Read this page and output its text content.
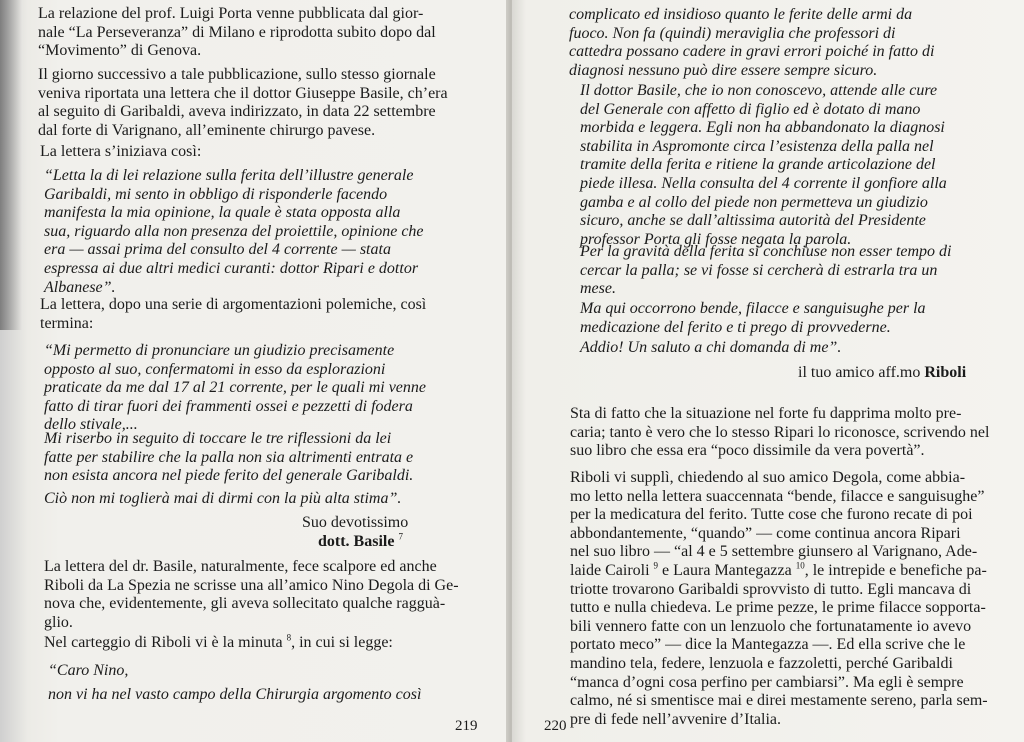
La relazione del prof. Luigi Porta venne pubblicata dal gior-
nale “La Perseveranza” di Milano e riprodotta subito dopo dal
“Movimento” di Genova.
Il giorno successivo a tale pubblicazione, sullo stesso giornale
veniva riportata una lettera che il dottor Giuseppe Basile, ch’era
al seguito di Garibaldi, aveva indirizzato, in data 22 settembre
dal forte di Varignano, all’eminente chirurgo pavese.
La lettera s’iniziava così:
“Letta la di lei relazione sulla ferita dell’illustre generale
Garibaldi, mi sento in obbligo di risponderle facendo
manifesta la mia opinione, la quale è stata opposta alla
sua, riguardo alla non presenza del proiettile, opinione che
era — assai prima del consulto del 4 corrente — stata
espressa ai due altri medici curanti: dottor Ripari e dottor
Albanese”.
La lettera, dopo una serie di argomentazioni polemiche, così
termina:
“Mi permetto di pronunciare un giudizio precisamente
opposto al suo, confermatomi in esso da esplorazioni
praticate da me dal 17 al 21 corrente, per le quali mi venne
fatto di tirar fuori dei frammenti ossei e pezzetti di fodera
dello stivale,...
Mi riserbo in seguito di toccare le tre riflessioni da lei
fatte per stabilire che la palla non sia altrimenti entrata e
non esista ancora nel piede ferito del generale Garibaldi.
Ciò non mi toglierà mai di dirmi con la più alta stima”.
Suo devotissimo
dott. Basile $^7$
La lettera del dr. Basile, naturalmente, fece scalpore ed anche
Riboli da La Spezia ne scrisse una all’amico Nino Degola di Ge-
nova che, evidentemente, gli aveva sollecitato qualche ragguà-
glio.
Nel carteggio di Riboli vi è la minuta $^8$, in cui si legge:
“Caro Nino,
non vi ha nel vasto campo della Chirurgia argomento così
219
complicato ed insidioso quanto le ferite delle armi da
fuoco. Non fa (quindi) meraviglia che professori di
cattedra possano cadere in gravi errori poiché in fatto di
diagnosi nessuno può dire essere sempre sicuro.
Il dottor Basile, che io non conoscevo, attende alle cure
del Generale con affetto di figlio ed è dotato di mano
morbida e leggera. Egli non ha abbandonato la diagnosi
stabilita in Aspromonte circa l’esistenza della palla nel
tramite della ferita e ritiene la grande articolazione del
piede illesa. Nella consulta del 4 corrente il gonfiore alla
gamba e al collo del piede non permetteva un giudizio
sicuro, anche se dall’altissima autorità del Presidente
professor Porta gli fosse negata la parola.
Per la gravità della ferita si conchiuse non esser tempo di
cercar la palla; se vi fosse si cercherà di estrarla tra un
mese.
Ma qui occorrono bende, filacce e sanguisughe per la
medicazione del ferito e ti prego di provvederne.
Addio! Un saluto a chi domanda di me”.
il tuo amico aff.mo Riboli
Sta di fatto che la situazione nel forte fu dapprima molto pre-
caria; tanto è vero che lo stesso Ripari lo riconosce, scrivendo nel
suo libro che essa era “poco dissimile da vera povertà”.
Riboli vi supplì, chiedendo al suo amico Degola, come abbia-
mo letto nella lettera suaccennata “bende, filacce e sanguisughe”
per la medicatura del ferito. Tutte cose che furono recate di poi
abbondantemente, “quando” — come continua ancora Ripari
nel suo libro — “al 4 e 5 settembre giunsero al Varignano, Ade-
laide Cairoli $^9$ e Laura Mantegazza $^{10}$, le intrepide e benefiche pa-
triotte trovarono Garibaldi sprovvisto di tutto. Egli mancava di
tutto e nulla chiedeva. Le prime pezze, le prime filacce sopporta-
bili vennero fatte con un lenzuolo che fortunatamente io avevo
portato meco” — dice la Mantegazza —. Ed ella scrive che le
mandino tela, federe, lenzuola e fazzoletti, perché Garibaldi
“manca d’ogni cosa perfino per cambiarsi”. Ma egli è sempre
calmo, né si smentisce mai e direi mestamente sereno, parla sem-
pre di fede nell’avvenire d’Italia.
220
